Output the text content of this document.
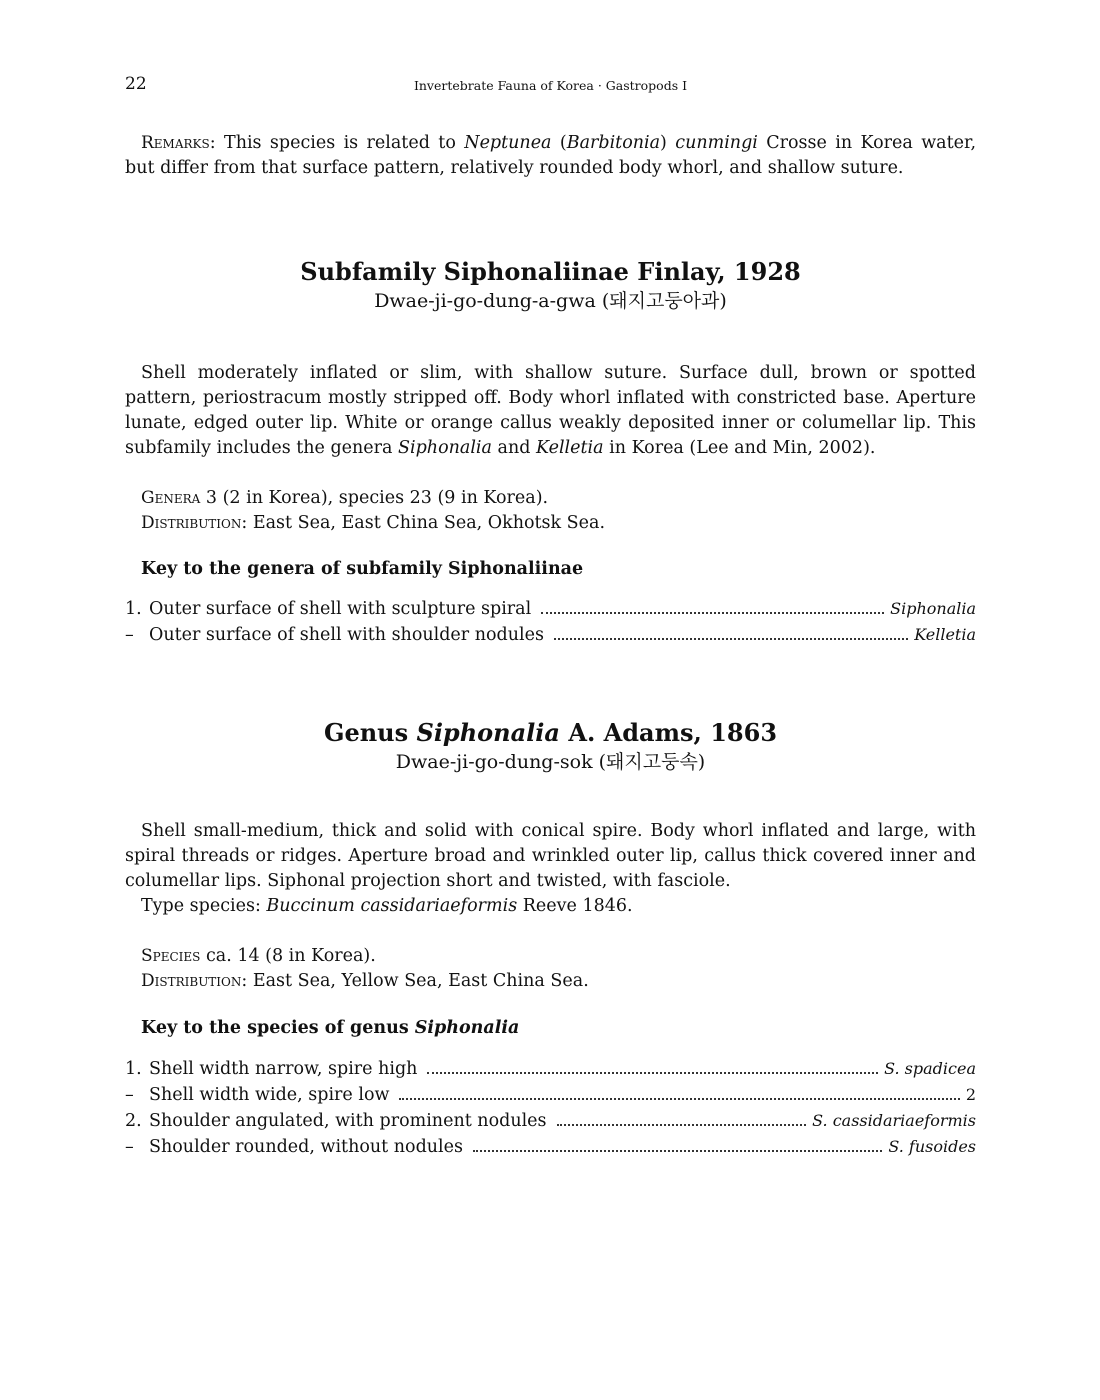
22	Invertebrate Fauna of Korea · Gastropods I

Remarks: This species is related to Neptunea (Barbitonia) cunmingi Crosse in Korea water, but differ from that surface pattern, relatively rounded body whorl, and shallow suture.

Subfamily Siphonaliinae Finlay, 1928
Dwae-ji-go-dung-a-gwa (돼지고둥아과)

Shell moderately inflated or slim, with shallow suture. Surface dull, brown or spotted pattern, periostracum mostly stripped off. Body whorl inflated with constricted base. Aperture lunate, edged outer lip. White or orange callus weakly deposited inner or columellar lip. This subfamily includes the genera Siphonalia and Kelletia in Korea (Lee and Min, 2002).

Genera 3 (2 in Korea), species 23 (9 in Korea).
Distribution: East Sea, East China Sea, Okhotsk Sea.
Key to the genera of subfamily Siphonaliinae
1. Outer surface of shell with sculpture spiral	Siphonalia
– Outer surface of shell with shoulder nodules	Kelletia
Genus Siphonalia A. Adams, 1863
Dwae-ji-go-dung-sok (돼지고둥속)

Shell small-medium, thick and solid with conical spire. Body whorl inflated and large, with spiral threads or ridges. Aperture broad and wrinkled outer lip, callus thick covered inner and columellar lips. Siphonal projection short and twisted, with fasciole.

Type species: Buccinum cassidariaeformis Reeve 1846.
Species ca. 14 (8 in Korea).
Distribution: East Sea, Yellow Sea, East China Sea.
Key to the species of genus Siphonalia
1. Shell width narrow, spire high	S. spadicea
– Shell width wide, spire low	2
2. Shoulder angulated, with prominent nodules	S. cassidariaeformis
– Shoulder rounded, without nodules	S. fusoides
